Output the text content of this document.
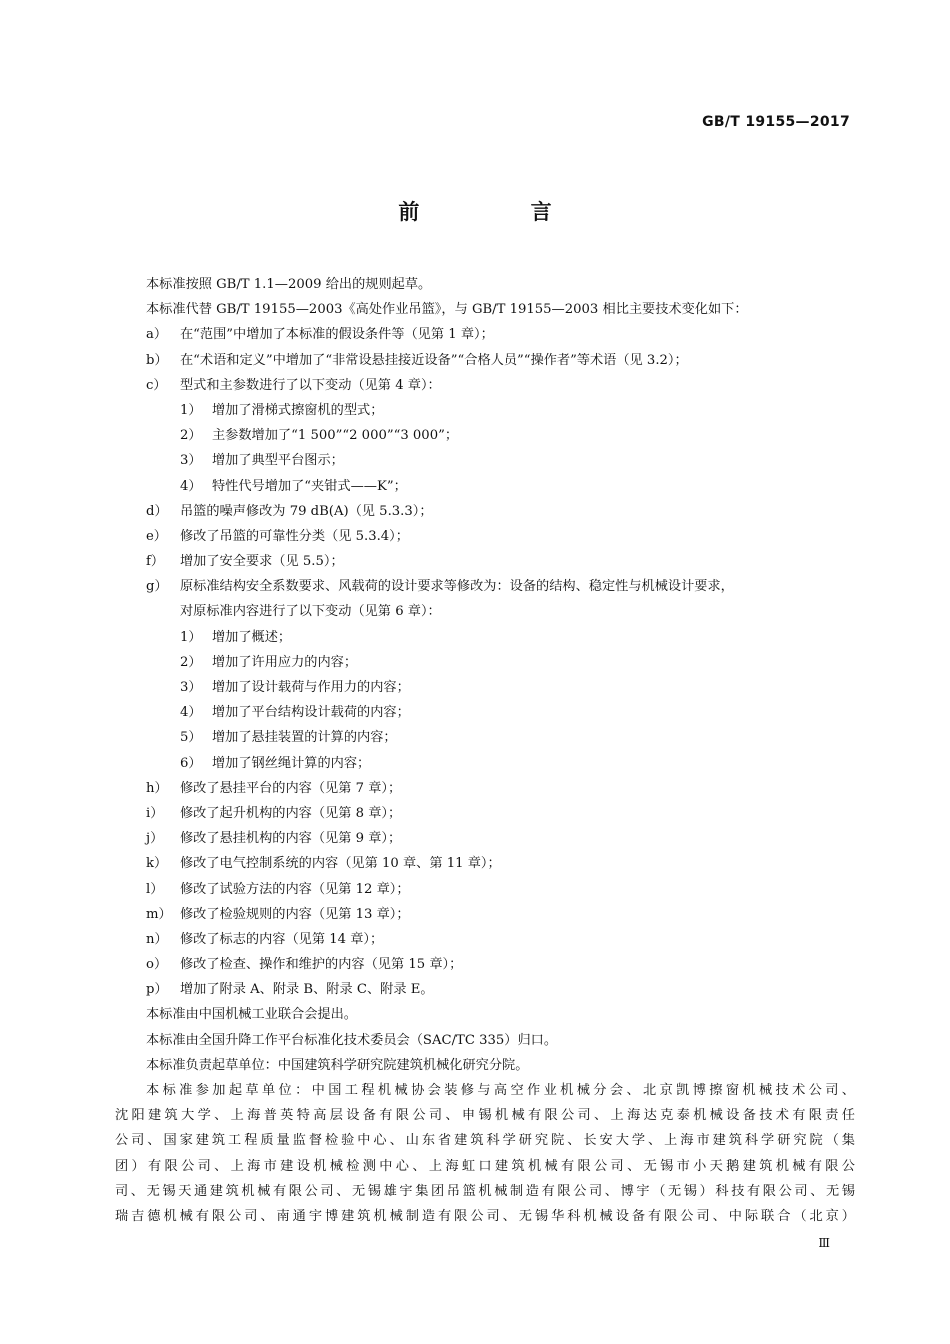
GB/T 19155—2017
前 言
本标准按照 GB/T 1.1—2009 给出的规则起草。
本标准代替 GB/T 19155—2003《高处作业吊篮》，与 GB/T 19155—2003 相比主要技术变化如下：
a） 在“范围”中增加了本标准的假设条件等（见第 1 章）；
b） 在“术语和定义”中增加了“非常设悬挂接近设备”“合格人员”“操作者”等术语（见 3.2）；
c）	型式和主参数进行了以下变动（见第 4 章）：
1） 增加了滑梯式擦窗机的型式；
2） 主参数增加了“1 500”“2 000”“3 000”；
3） 增加了典型平台图示；
4） 特性代号增加了“夹钳式——K”；
d） 吊篮的噪声修改为 79 dB(A)（见 5.3.3）；
e） 修改了吊篮的可靠性分类（见 5.3.4）；
f）	增加了安全要求（见 5.5）；
g） 原标准结构安全系数要求、风载荷的设计要求等修改为：设备的结构、稳定性与机械设计要求，
对原标准内容进行了以下变动（见第 6 章）：
1） 增加了概述；
2） 增加了许用应力的内容；
3） 增加了设计载荷与作用力的内容；
4） 增加了平台结构设计载荷的内容；
5） 增加了悬挂装置的计算的内容；
6） 增加了钢丝绳计算的内容；
h） 修改了悬挂平台的内容（见第 7 章）；
i）	修改了起升机构的内容（见第 8 章）；
j）	修改了悬挂机构的内容（见第 9 章）；
k） 修改了电气控制系统的内容（见第 10 章、第 11 章）；
l）	修改了试验方法的内容（见第 12 章）；
m） 修改了检验规则的内容（见第 13 章）；
n） 修改了标志的内容（见第 14 章）；
o） 修改了检查、操作和维护的内容（见第 15 章）；
p） 增加了附录 A、附录 B、附录 C、附录 E。
本标准由中国机械工业联合会提出。
本标准由全国升降工作平台标准化技术委员会（SAC/TC 335）归口。
本标准负责起草单位：中国建筑科学研究院建筑机械化研究分院。
本标准参加起草单位：中国工程机械协会装修与高空作业机械分会、北京凯博擦窗机械技术公司、
沈阳建筑大学、上海普英特高层设备有限公司、申锡机械有限公司、上海达克泰机械设备技术有限责任
公司、国家建筑工程质量监督检验中心、山东省建筑科学研究院、长安大学、上海市建筑科学研究院（集
团）有限公司、上海市建设机械检测中心、上海虹口建筑机械有限公司、无锡市小天鹅建筑机械有限公
司、无锡天通建筑机械有限公司、无锡雄宇集团吊篮机械制造有限公司、博宇（无锡）科技有限公司、无锡
瑞吉德机械有限公司、南通宇博建筑机械制造有限公司、无锡华科机械设备有限公司、中际联合（北京）
Ⅲ
